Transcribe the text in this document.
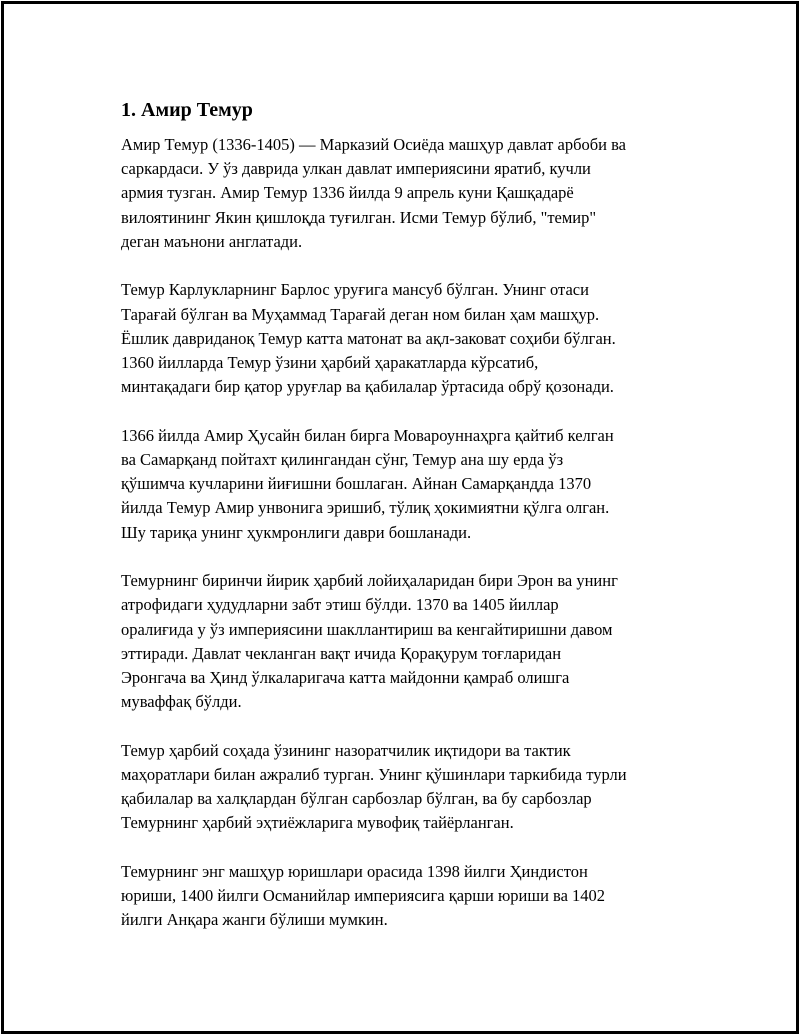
1. Амир Темур

Амир Темур (1336-1405) — Марказий Осиёда машҳур давлат арбоби ва
саркардаси. У ўз даврида улкан давлат империясини яратиб, кучли
армия тузган. Амир Темур 1336 йилда 9 апрель куни Қашқадарё
вилоятининг Якин қишлоқда туғилган. Исми Темур бўлиб, "темир"
деган маънони англатади.

Темур Карлукларнинг Барлос уруғига мансуб бўлган. Унинг отаси
Тарағай бўлган ва Муҳаммад Тарағай деган ном билан ҳам машҳур.
Ёшлик давриданоқ Темур катта матонат ва ақл-заковат соҳиби бўлган.
1360 йилларда Темур ўзини ҳарбий ҳаракатларда кўрсатиб,
минтақадаги бир қатор уруғлар ва қабилалар ўртасида обрў қозонади.

1366 йилда Амир Ҳусайн билан бирга Мовароуннаҳрга қайтиб келган
ва Самарқанд пойтахт қилингандан сўнг, Темур ана шу ерда ўз
қўшимча кучларини йиғишни бошлаган. Айнан Самарқандда 1370
йилда Темур Амир унвонига эришиб, тўлиқ ҳокимиятни қўлга олган.
Шу тариқа унинг ҳукмронлиги даври бошланади.

Темурнинг биринчи йирик ҳарбий лойиҳаларидан бири Эрон ва унинг
атрофидаги ҳудудларни забт этиш бўлди. 1370 ва 1405 йиллар
оралиғида у ўз империясини шакллантириш ва кенгайтиришни давом
эттиради. Давлат чекланган вақт ичида Қорақурум тоғларидан
Эронгача ва Ҳинд ўлкаларигача катта майдонни қамраб олишга
муваффақ бўлди.

Темур ҳарбий соҳада ўзининг назоратчилик иқтидори ва тактик
маҳоратлари билан ажралиб турган. Унинг қўшинлари таркибида турли
қабилалар ва халқлардан бўлган сарбозлар бўлган, ва бу сарбозлар
Темурнинг ҳарбий эҳтиёжларига мувофиқ тайёрланган.

Темурнинг энг машҳур юришлари орасида 1398 йилги Ҳиндистон
юриши, 1400 йилги Османийлар империясига қарши юриши ва 1402
йилги Анқара жанги бўлиши мумкин.
